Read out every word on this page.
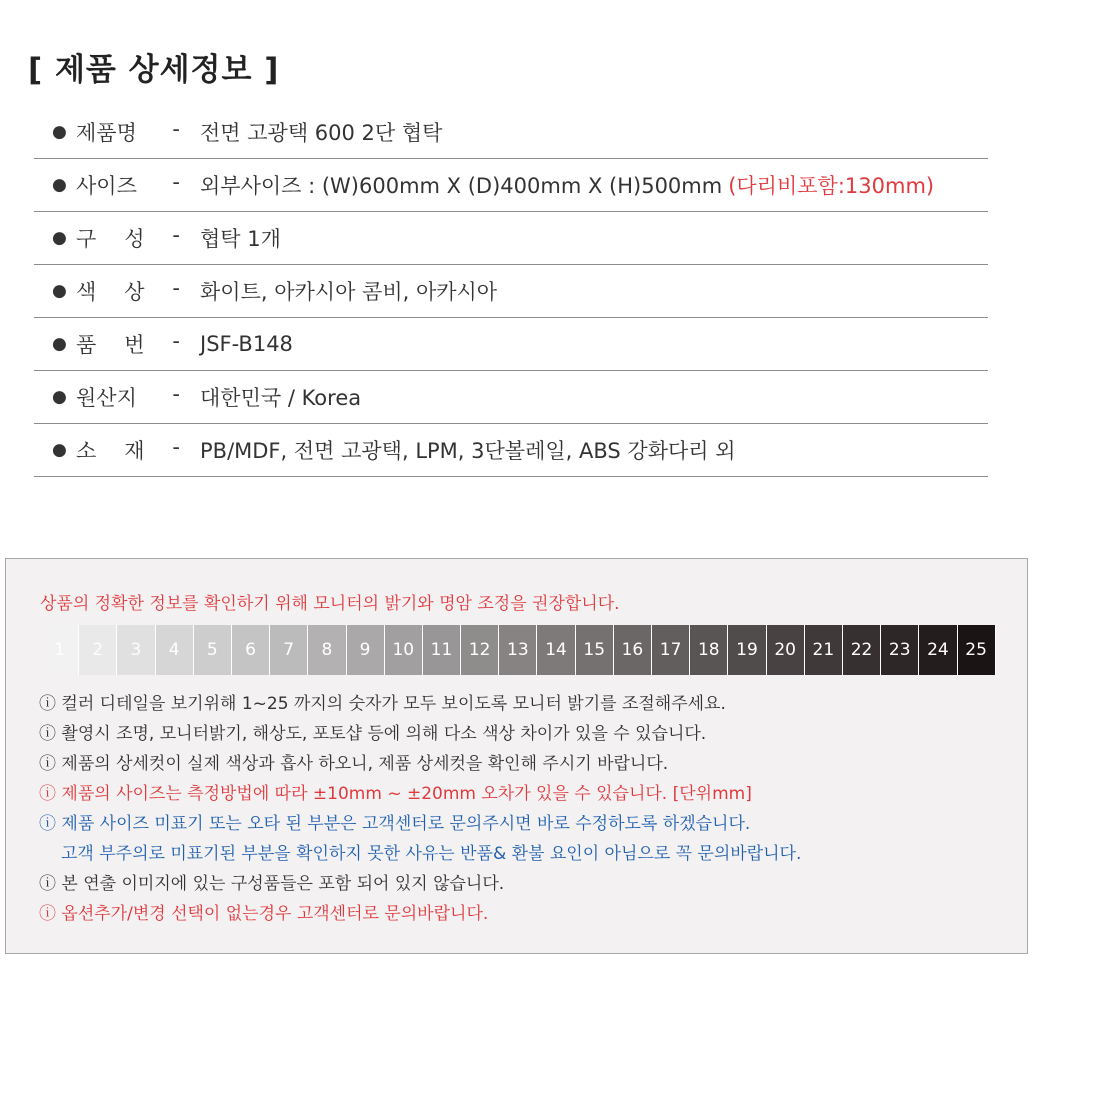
[ 제품 상세정보 ]
● 제품명 - 전면 고광택 600 2단 협탁
● 사이즈 - 외부사이즈 : (W)600mm X (D)400mm X (H)500mm (다리비포함:130mm)
● 구 성 - 협탁 1개
● 색 상 - 화이트, 아카시아 콤비, 아카시아
● 품 번 - JSF-B148
● 원산지 - 대한민국 / Korea
● 소 재 - PB/MDF, 전면 고광택, LPM, 3단볼레일, ABS 강화다리 외
상품의 정확한 정보를 확인하기 위해 모니터의 밝기와 명암 조정을 권장합니다.
1	2	3	4	5	6	7	8	9	10 11 12 13 14 15 16 17 18 19 20 21 22 23 24 25
ⓘ 컬러 디테일을 보기위해 1~25 까지의 숫자가 모두 보이도록 모니터 밝기를 조절해주세요.
ⓘ 촬영시 조명, 모니터밝기, 해상도, 포토샵 등에 의해 다소 색상 차이가 있을 수 있습니다.
ⓘ 제품의 상세컷이 실제 색상과 흡사 하오니, 제품 상세컷을 확인해 주시기 바랍니다.
ⓘ 제품의 사이즈는 측정방법에 따라 ±10mm ~ ±20mm 오차가 있을 수 있습니다. [단위mm]
ⓘ 제품 사이즈 미표기 또는 오타 된 부분은 고객센터로 문의주시면 바로 수정하도록 하겠습니다.
고객 부주의로 미표기된 부분을 확인하지 못한 사유는 반품& 환불 요인이 아님으로 꼭 문의바랍니다.
ⓘ 본 연출 이미지에 있는 구성품들은 포함 되어 있지 않습니다.
ⓘ 옵션추가/변경 선택이 없는경우 고객센터로 문의바랍니다.
